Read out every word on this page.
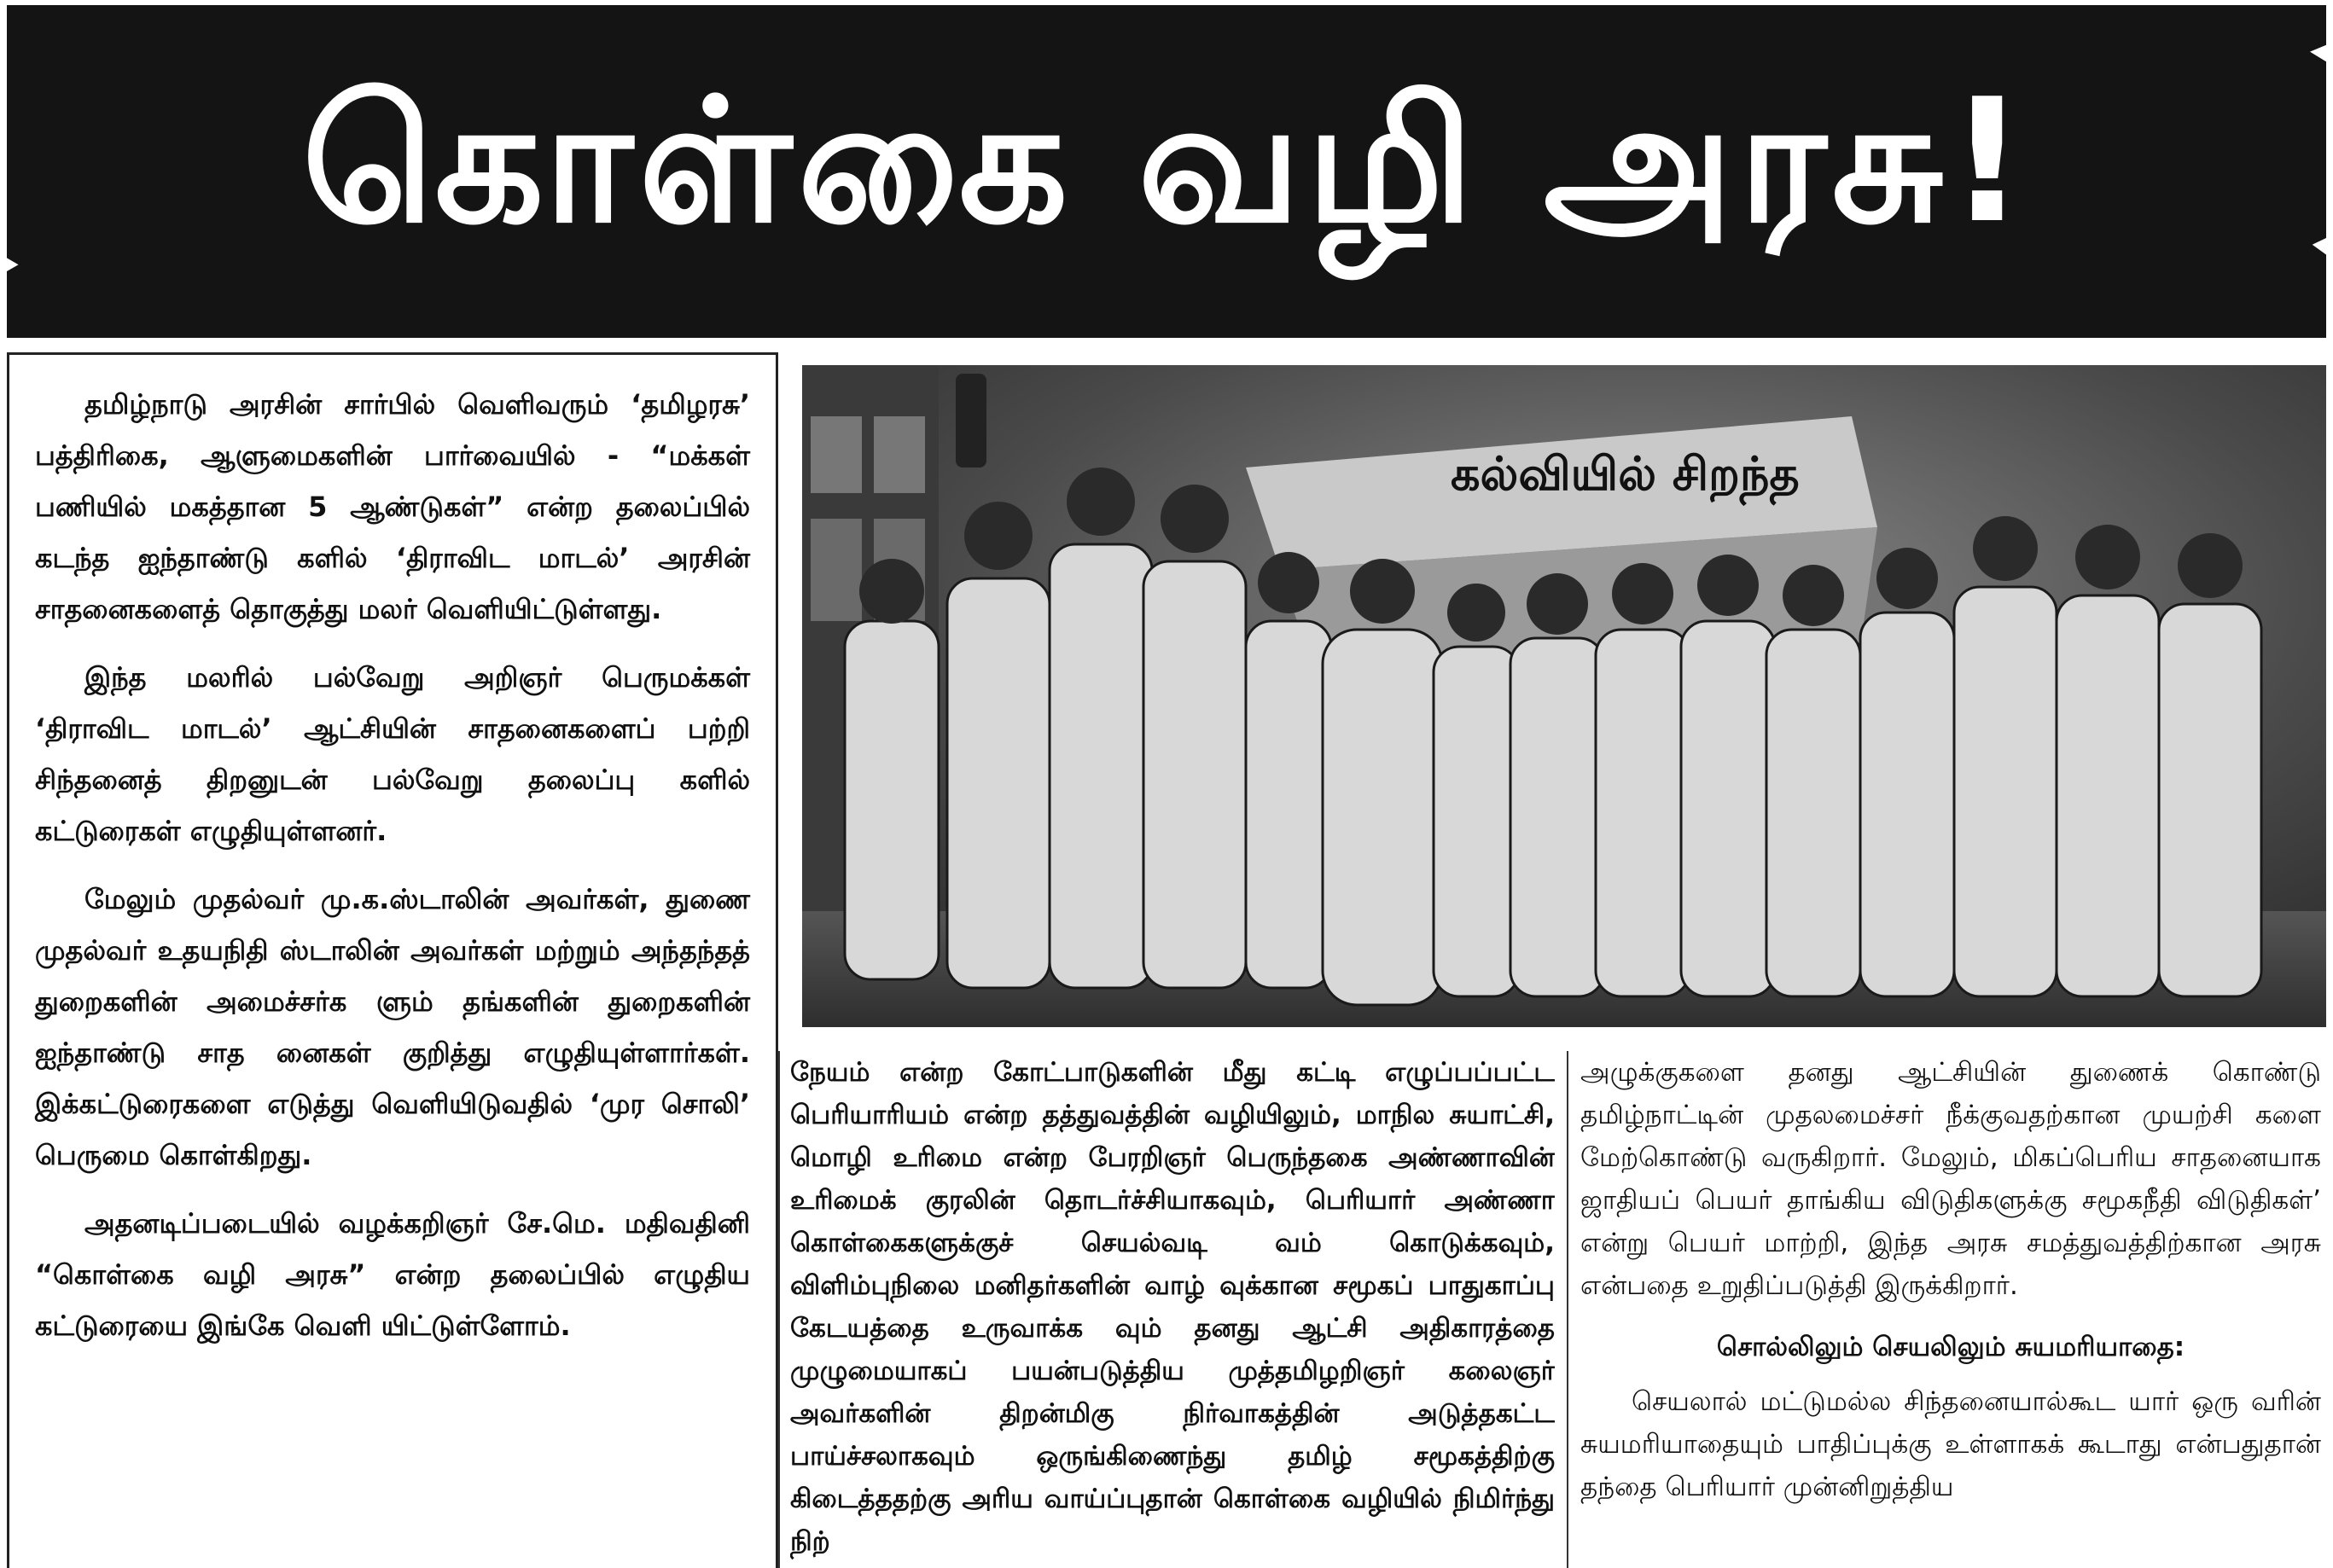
கொள்கை வழி அரசு!

தமிழ்நாடு அரசின் சார்பில் வெளிவரும் ‘தமிழரசு’ பத்திரிகை, ஆளுமைகளின் பார்வையில் - “மக்கள் பணியில் மகத்தான 5 ஆண்டுகள்” என்ற தலைப்பில் கடந்த ஐந்தாண்டு களில் ‘திராவிட மாடல்’ அரசின் சாதனைகளைத் தொகுத்து மலர் வெளியிட்டுள்ளது.

இந்த மலரில் பல்வேறு அறிஞர் பெருமக்கள் ‘திராவிட மாடல்’ ஆட்சியின் சாதனைகளைப் பற்றி சிந்தனைத் திறனுடன் பல்வேறு தலைப்பு களில் கட்டுரைகள் எழுதியுள்ளனர்.

மேலும் முதல்வர் மு.க.ஸ்டாலின் அவர்கள், துணை முதல்வர் உதயநிதி ஸ்டாலின் அவர்கள் மற்றும் அந்தந்தத் துறைகளின் அமைச்சர்க ளும் தங்களின் துறைகளின் ஐந்தாண்டு சாத னைகள் குறித்து எழுதியுள்ளார்கள். இக்கட்டுரைகளை எடுத்து வெளியிடுவதில் ‘முர சொலி’ பெருமை கொள்கிறது.

அதனடிப்படையில் வழக்கறிஞர் சே.மெ. மதிவதினி “கொள்கை வழி அரசு” என்ற தலைப்பில் எழுதிய கட்டுரையை இங்கே வெளி யிட்டுள்ளோம்.

கல்வியில் சிறந்த

நேயம் என்ற கோட்பாடுகளின் மீது கட்டி எழுப்பப்பட்ட பெரியாரியம் என்ற தத்துவத்தின் வழியிலும், மாநில சுயாட்சி, மொழி உரிமை என்ற பேரறிஞர் பெருந்தகை அண்ணாவின் உரிமைக் குரலின் தொடர்ச்சியாகவும், பெரியார் அண்ணா கொள்கைகளுக்குச் செயல்வடி வம் கொடுக்கவும், விளிம்புநிலை மனிதர்களின் வாழ் வுக்கான சமூகப் பாதுகாப்பு கேடயத்தை உருவாக்க வும் தனது ஆட்சி அதிகாரத்தை முழுமையாகப் பயன்படுத்திய முத்தமிழறிஞர் கலைஞர் அவர்களின் திறன்மிகு நிர்வாகத்தின் அடுத்தகட்ட பாய்ச்சலாகவும் ஒருங்கிணைந்து தமிழ் சமூகத்திற்கு கிடைத்ததற்கு அரிய வாய்ப்புதான் கொள்கை வழியில் நிமிர்ந்து நிற்

அழுக்குகளை தனது ஆட்சியின் துணைக் கொண்டு தமிழ்நாட்டின் முதலமைச்சர் நீக்குவதற்கான முயற்சி களை மேற்கொண்டு வருகிறார். மேலும், மிகப்பெரிய சாதனையாக ஜாதியப் பெயர் தாங்கிய விடுதிகளுக்கு சமூகநீதி விடுதிகள்’ என்று பெயர் மாற்றி, இந்த அரசு சமத்துவத்திற்கான அரசு என்பதை உறுதிப்படுத்தி இருக்கிறார்.

சொல்லிலும் செயலிலும் சுயமரியாதை:

செயலால் மட்டுமல்ல சிந்தனையால்கூட யார் ஒரு வரின் சுயமரியாதையும் பாதிப்புக்கு உள்ளாகக் கூடாது என்பதுதான் தந்தை பெரியார் முன்னிறுத்திய
